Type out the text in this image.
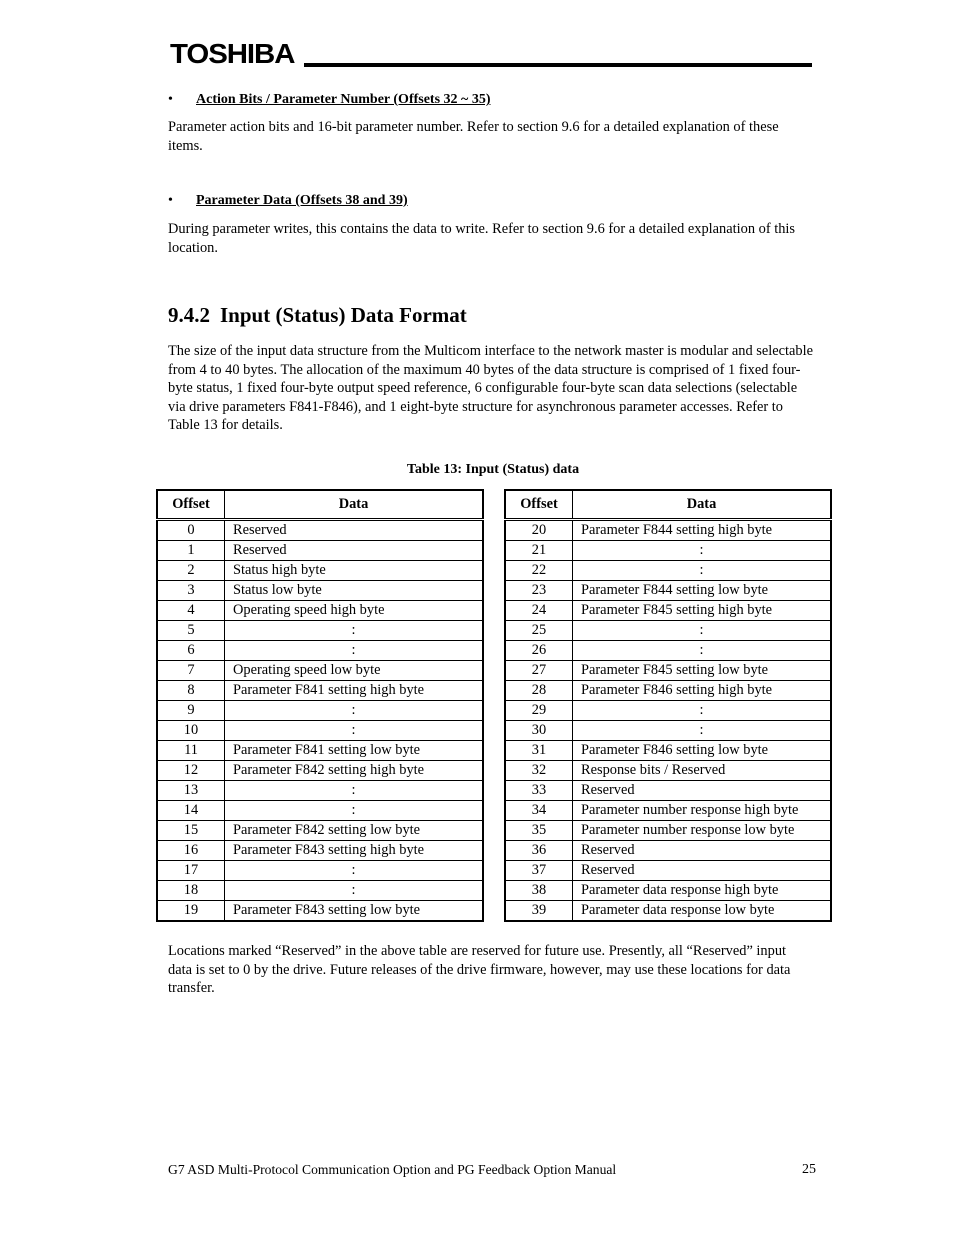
TOSHIBA
• Action Bits / Parameter Number (Offsets 32 ~ 35)
Parameter action bits and 16-bit parameter number. Refer to section 9.6 for a detailed explanation of these items.
• Parameter Data (Offsets 38 and 39)
During parameter writes, this contains the data to write. Refer to section 9.6 for a detailed explanation of this location.
9.4.2 Input (Status) Data Format
The size of the input data structure from the Multicom interface to the network master is modular and selectable from 4 to 40 bytes. The allocation of the maximum 40 bytes of the data structure is comprised of 1 fixed four-byte status, 1 fixed four-byte output speed reference, 6 configurable four-byte scan data selections (selectable via drive parameters F841-F846), and 1 eight-byte structure for asynchronous parameter accesses. Refer to Table 13 for details.
Table 13: Input (Status) data
Offset	Data
0	Reserved
1	Reserved
2	Status high byte
3	Status low byte
4	Operating speed high byte
5	:
6	:
7	Operating speed low byte
8	Parameter F841 setting high byte
9	:
10	:
11	Parameter F841 setting low byte
12	Parameter F842 setting high byte
13	:
14	:
15	Parameter F842 setting low byte
16	Parameter F843 setting high byte
17	:
18	:
19	Parameter F843 setting low byte
Offset	Data
20	Parameter F844 setting high byte
21	:
22	:
23	Parameter F844 setting low byte
24	Parameter F845 setting high byte
25	:
26	:
27	Parameter F845 setting low byte
28	Parameter F846 setting high byte
29	:
30	:
31	Parameter F846 setting low byte
32	Response bits / Reserved
33	Reserved
34	Parameter number response high byte
35	Parameter number response low byte
36	Reserved
37	Reserved
38	Parameter data response high byte
39	Parameter data response low byte
Locations marked “Reserved” in the above table are reserved for future use. Presently, all “Reserved” input data is set to 0 by the drive. Future releases of the drive firmware, however, may use these locations for data transfer.
G7 ASD Multi-Protocol Communication Option and PG Feedback Option Manual	25
